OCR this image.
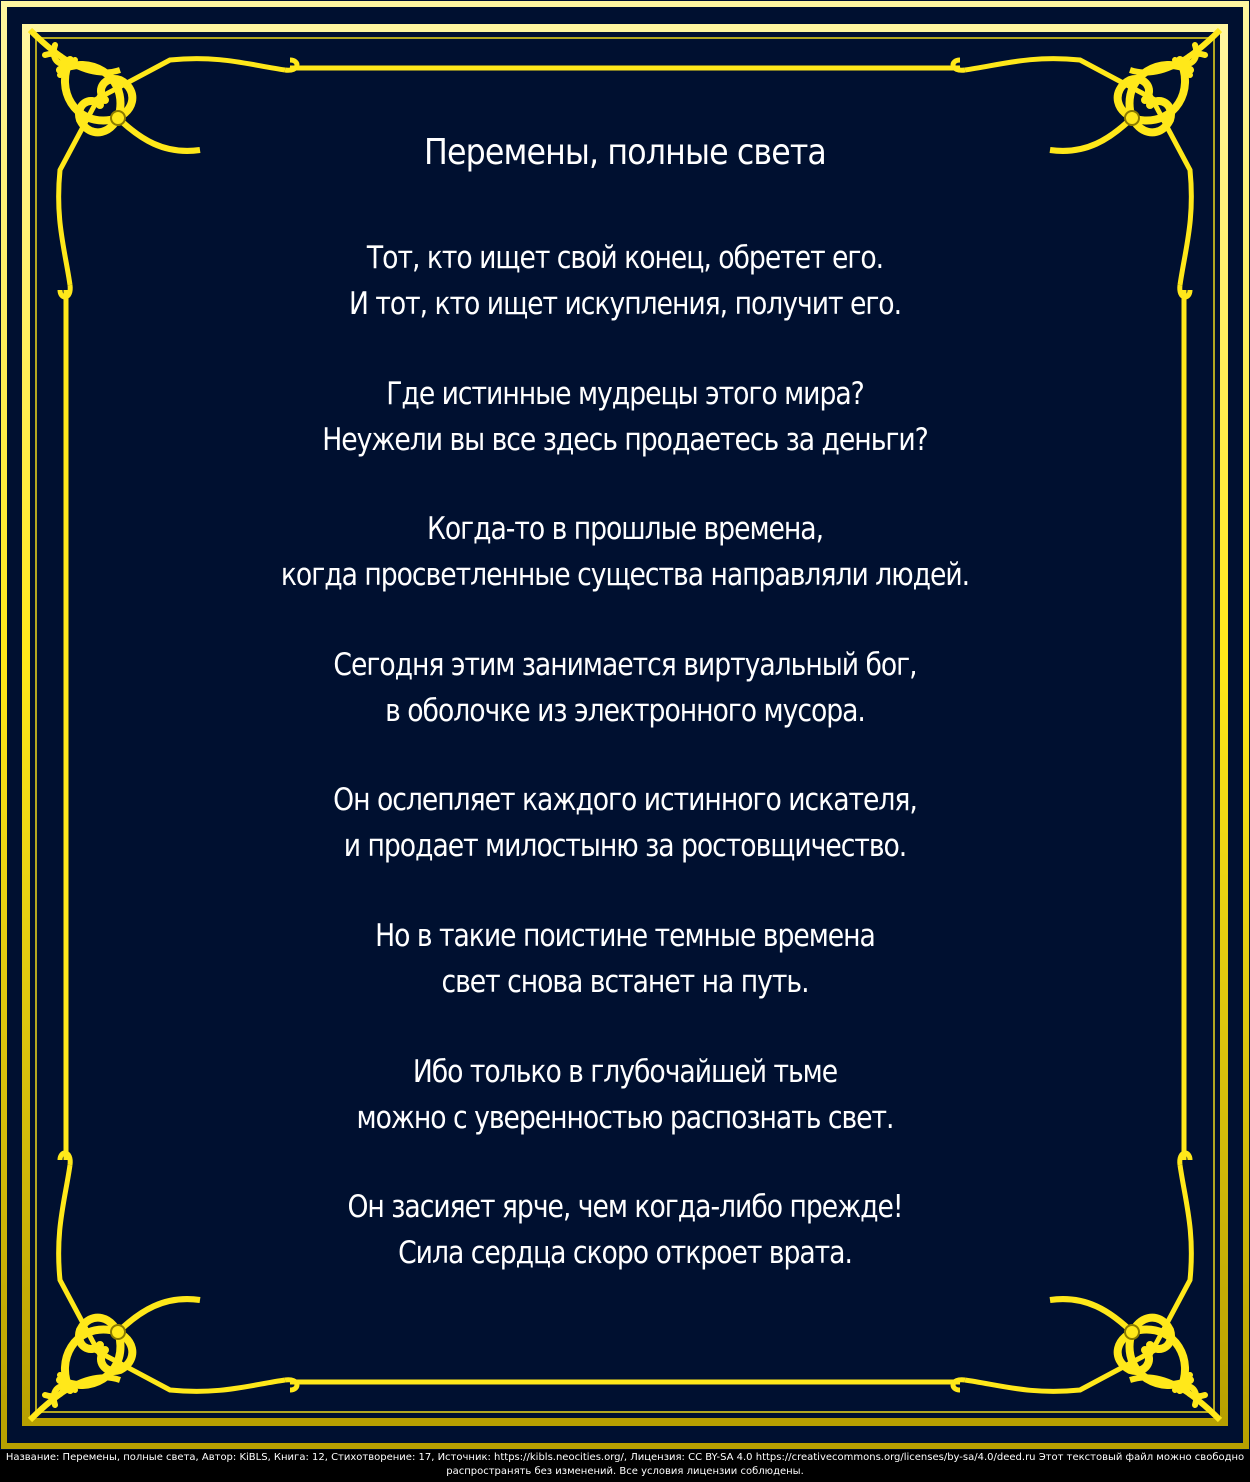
Перемены, полные света
Тот, кто ищет свой конец, обретет его.
И тот, кто ищет искупления, получит его.
Где истинные мудрецы этого мира?
Неужели вы все здесь продаетесь за деньги?
Когда-то в прошлые времена,
когда просветленные существа направляли людей.
Сегодня этим занимается виртуальный бог,
в оболочке из электронного мусора.
Он ослепляет каждого истинного искателя,
и продает милостыню за ростовщичество.
Но в такие поистине темные времена
свет снова встанет на путь.
Ибо только в глубочайшей тьме
можно с уверенностью распознать свет.
Он засияет ярче, чем когда-либо прежде!
Сила сердца скоро откроет врата.
Название: Перемены, полные света, Автор: KiBLS, Книга: 12, Стихотворение: 17, Источник: https://kibls.neocities.org/, Лицензия: CC BY-SA 4.0 https://creativecommons.org/licenses/by-sa/4.0/deed.ru Этот текстовый файл можно свободно
распространять без изменений. Все условия лицензии соблюдены.
